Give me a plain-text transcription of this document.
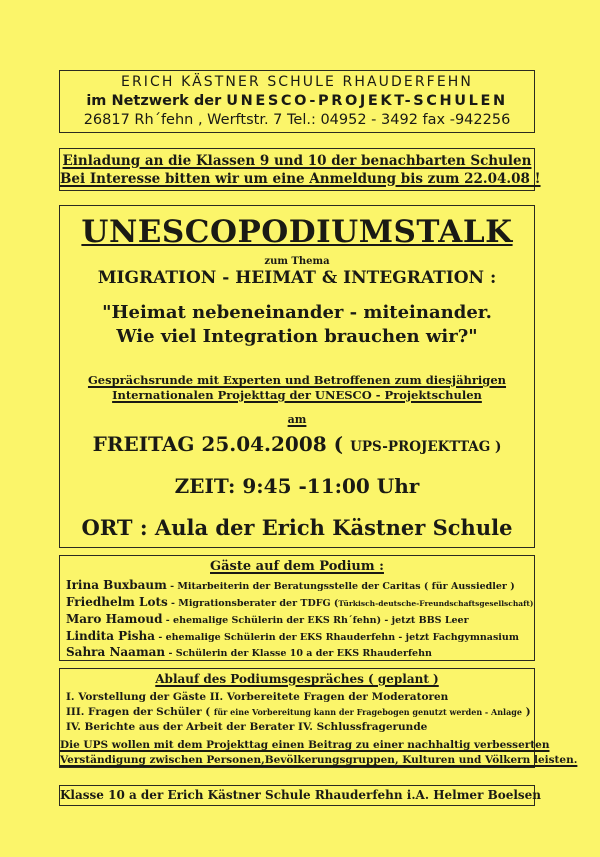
ERICH KÄSTNER SCHULE RHAUDERFEHN
im Netzwerk der UNESCO-PROJEKT-SCHULEN
26817 Rh´fehn , Werftstr. 7 Tel.: 04952 - 3492 fax -942256
Einladung an die Klassen 9 und 10 der benachbarten Schulen
Bei Interesse bitten wir um eine Anmeldung bis zum 22.04.08 !
UNESCOPODIUMSTALK
zum Thema
MIGRATION - HEIMAT & INTEGRATION :
"Heimat nebeneinander - miteinander.
Wie viel Integration brauchen wir?"
Gesprächsrunde mit Experten und Betroffenen zum diesjährigen
Internationalen Projekttag der UNESCO - Projektschulen
am
FREITAG 25.04.2008 ( UPS-PROJEKTTAG )
ZEIT: 9:45 -11:00 Uhr
ORT : Aula der Erich Kästner Schule
Gäste auf dem Podium :
Irina Buxbaum - Mitarbeiterin der Beratungsstelle der Caritas ( für Aussiedler )
Friedhelm Lots - Migrationsberater der TDFG (Türkisch-deutsche-Freundschaftsgesellschaft)
Maro Hamoud - ehemalige Schülerin der EKS Rh´fehn) - jetzt BBS Leer
Lindita Pisha - ehemalige Schülerin der EKS Rhauderfehn - jetzt Fachgymnasium
Sahra Naaman - Schülerin der Klasse 10 a der EKS Rhauderfehn
Ablauf des Podiumsgespräches ( geplant )
I. Vorstellung der Gäste II. Vorbereitete Fragen der Moderatoren
III. Fragen der Schüler ( für eine Vorbereitung kann der Fragebogen genutzt werden - Anlage )
IV. Berichte aus der Arbeit der Berater IV. Schlussfragerunde
Die UPS wollen mit dem Projekttag einen Beitrag zu einer nachhaltig verbesserten
Verständigung zwischen Personen,Bevölkerungsgruppen, Kulturen und Völkern leisten.
Klasse 10 a der Erich Kästner Schule Rhauderfehn i.A. Helmer Boelsen
